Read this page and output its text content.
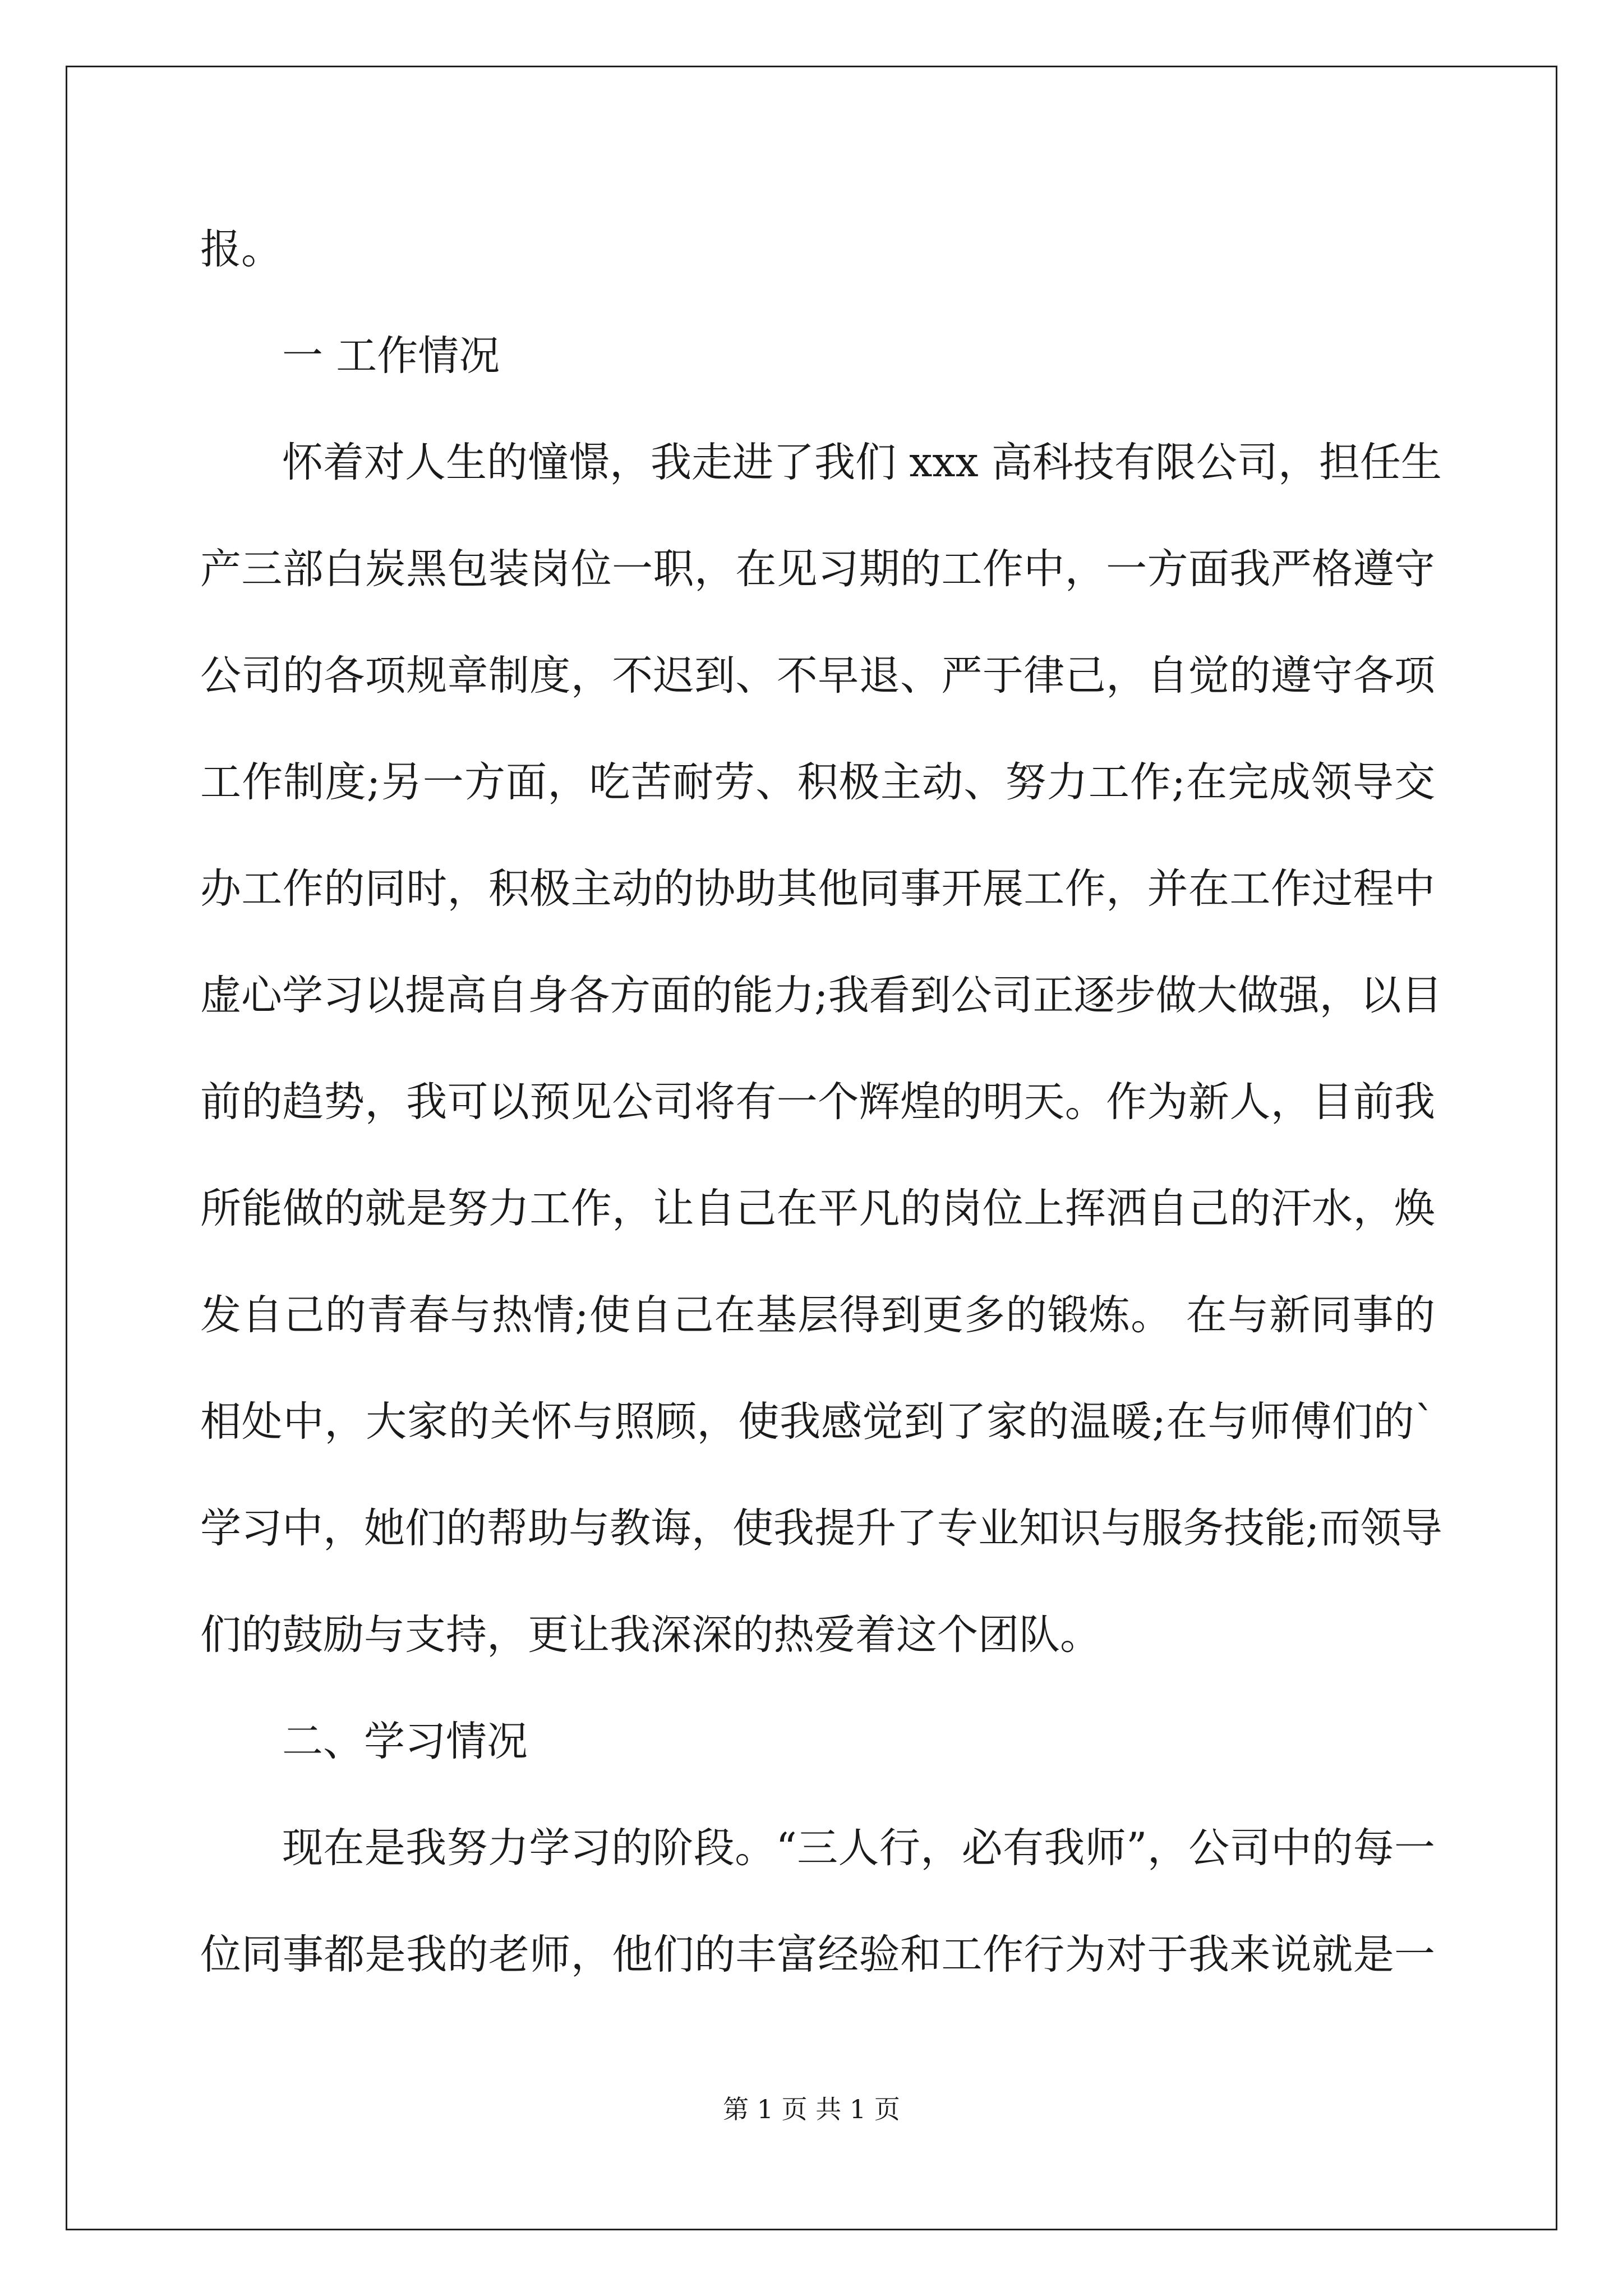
报。
一 工作情况
怀着对人生的憧憬，我走进了我们 xxx 高科技有限公司，担任生
产三部白炭黑包装岗位一职，在见习期的工作中，一方面我严格遵守
公司的各项规章制度，不迟到、不早退、严于律己，自觉的遵守各项
工作制度;另一方面，吃苦耐劳、积极主动、努力工作;在完成领导交
办工作的同时，积极主动的协助其他同事开展工作，并在工作过程中
虚心学习以提高自身各方面的能力;我看到公司正逐步做大做强，以目
前的趋势，我可以预见公司将有一个辉煌的明天。作为新人，目前我
所能做的就是努力工作，让自己在平凡的岗位上挥洒自己的汗水，焕
发自己的青春与热情;使自己在基层得到更多的锻炼。 在与新同事的
相处中，大家的关怀与照顾，使我感觉到了家的温暖;在与师傅们的`
学习中，她们的帮助与教诲，使我提升了专业知识与服务技能;而领导
们的鼓励与支持，更让我深深的热爱着这个团队。
二、学习情况
现在是我努力学习的阶段。“三人行，必有我师”，公司中的每一
位同事都是我的老师，他们的丰富经验和工作行为对于我来说就是一
第 1 页 共 1 页
